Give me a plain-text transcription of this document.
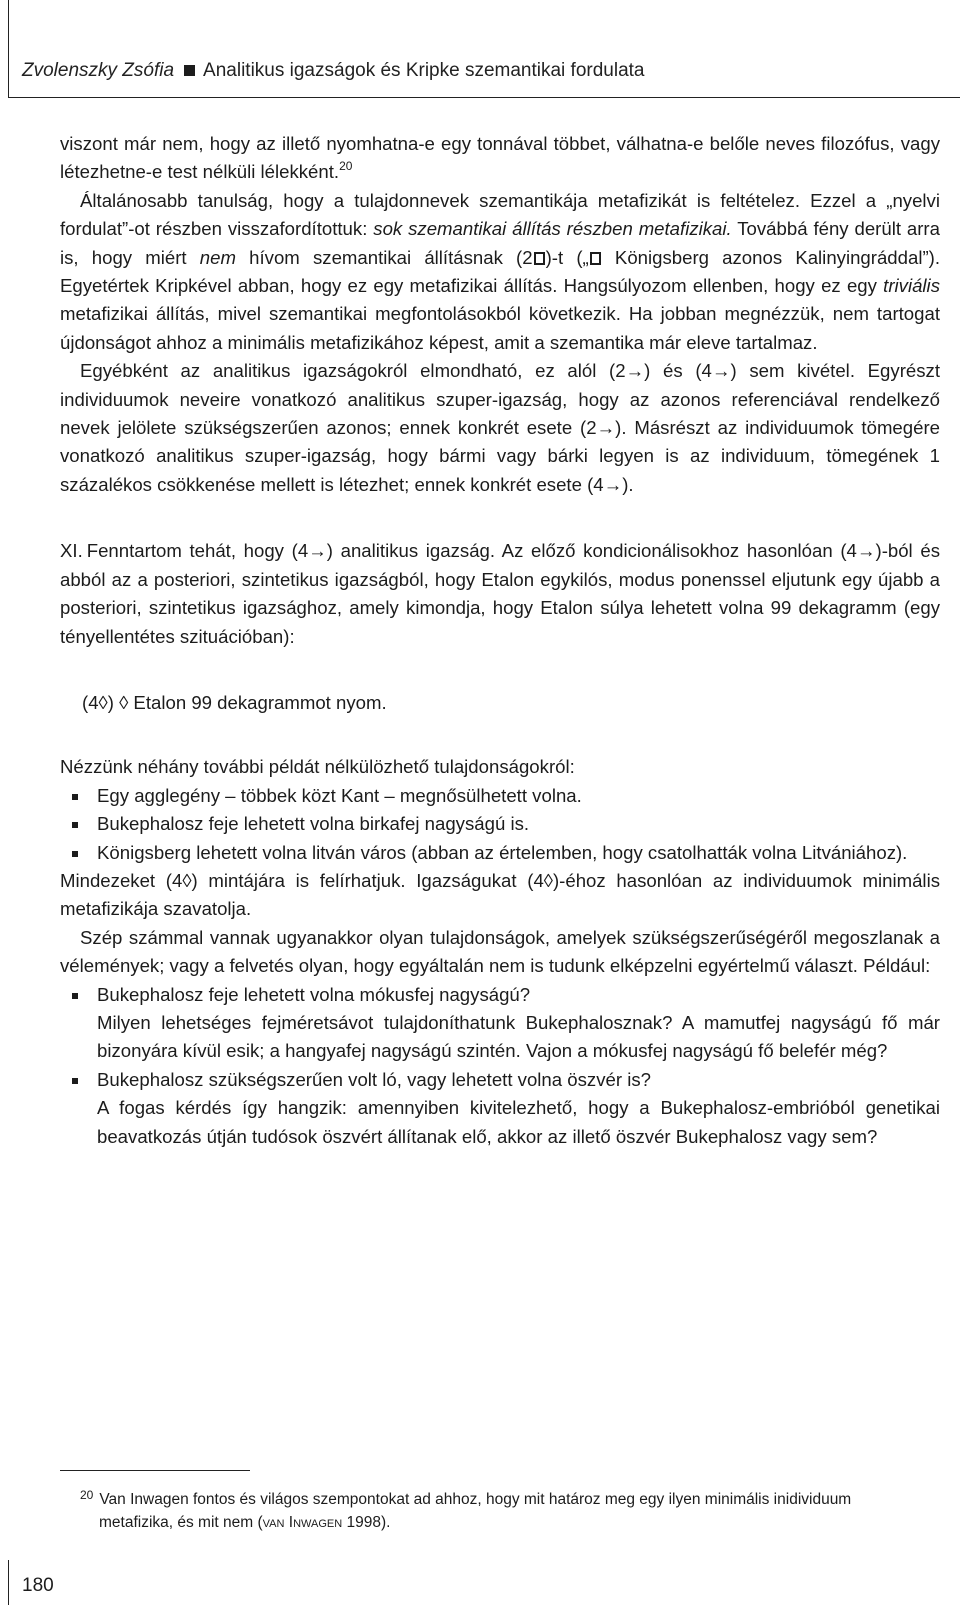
Zvolenszky Zsófia Analitikus igazságok és Kripke szemantikai fordulata

viszont már nem, hogy az illető nyomhatna-e egy tonnával többet, válhatna-e belőle neves filozófus, vagy létezhetne-e test nélküli lélekként.$^{20}$

Általánosabb tanulság, hogy a tulajdonnevek szemantikája metafizikát is feltételez. Ezzel a „nyelvi fordulat”-ot részben visszafordítottuk: sok szemantikai állítás részben metafizikai. Továbbá fény derült arra is, hogy miért nem hívom szemantikai állításnak (2 )-t („ Königsberg azonos Kalinyingráddal”). Egyetértek Kripkével abban, hogy ez egy metafizikai állítás. Hangsúlyozom ellenben, hogy ez egy triviális metafizikai állítás, mivel szemantikai megfontolásokból következik. Ha jobban megnézzük, nem tartogat újdonságot ahhoz a minimális metafizikához képest, amit a szemantika már eleve tartalmaz.

Egyébként az analitikus igazságokról elmondható, ez alól (2→) és (4→) sem kivétel. Egyrészt individuumok neveire vonatkozó analitikus szuper-igazság, hogy az azonos referenciával rendelkező nevek jelölete szükségszerűen azonos; ennek konkrét esete (2→). Másrészt az individuumok tömegére vonatkozó analitikus szuper-igazság, hogy bármi vagy bárki legyen is az individuum, tömegének 1 százalékos csökkenése mellett is létezhet; ennek konkrét esete (4→).

XI. Fenntartom tehát, hogy (4→) analitikus igazság. Az előző kondicionálisokhoz hasonlóan (4→)-ból és abból az a posteriori, szintetikus igazságból, hogy Etalon egykilós, modus ponenssel eljutunk egy újabb a posteriori, szintetikus igazsághoz, amely kimondja, hogy Etalon súlya lehetett volna 99 dekagramm (egy tényellentétes szituációban):

(4◊) ◊ Etalon 99 dekagrammot nyom.

Nézzünk néhány további példát nélkülözhető tulajdonságokról:

Egy agglegény – többek közt Kant – megnősülhetett volna.
Bukephalosz feje lehetett volna birkafej nagyságú is.
Königsberg lehetett volna litván város (abban az értelemben, hogy csatolhatták volna Litvániához).

Mindezeket (4◊) mintájára is felírhatjuk. Igazságukat (4◊)-éhoz hasonlóan az individuumok minimális metafizikája szavatolja.

Szép számmal vannak ugyanakkor olyan tulajdonságok, amelyek szükségszerűségéről megoszlanak a vélemények; vagy a felvetés olyan, hogy egyáltalán nem is tudunk elképzelni egyértelmű választ. Például:

Bukephalosz feje lehetett volna mókusfej nagyságú?
Milyen lehetséges fejméretsávot tulajdoníthatunk Bukephalosznak? A mamutfej nagyságú fő már bizonyára kívül esik; a hangyafej nagyságú szintén. Vajon a mókusfej nagyságú fő belefér még?
Bukephalosz szükségszerűen volt ló, vagy lehetett volna öszvér is?
A fogas kérdés így hangzik: amennyiben kivitelezhető, hogy a Bukephalosz-embrióból genetikai beavatkozás útján tudósok öszvért állítanak elő, akkor az illető öszvér Bukephalosz vagy sem?
$^{20}$ Van Inwagen fontos és világos szempontokat ad ahhoz, hogy mit határoz meg egy ilyen minimális inidividuum
metafizika, és mit nem (van Inwagen 1998).
180
